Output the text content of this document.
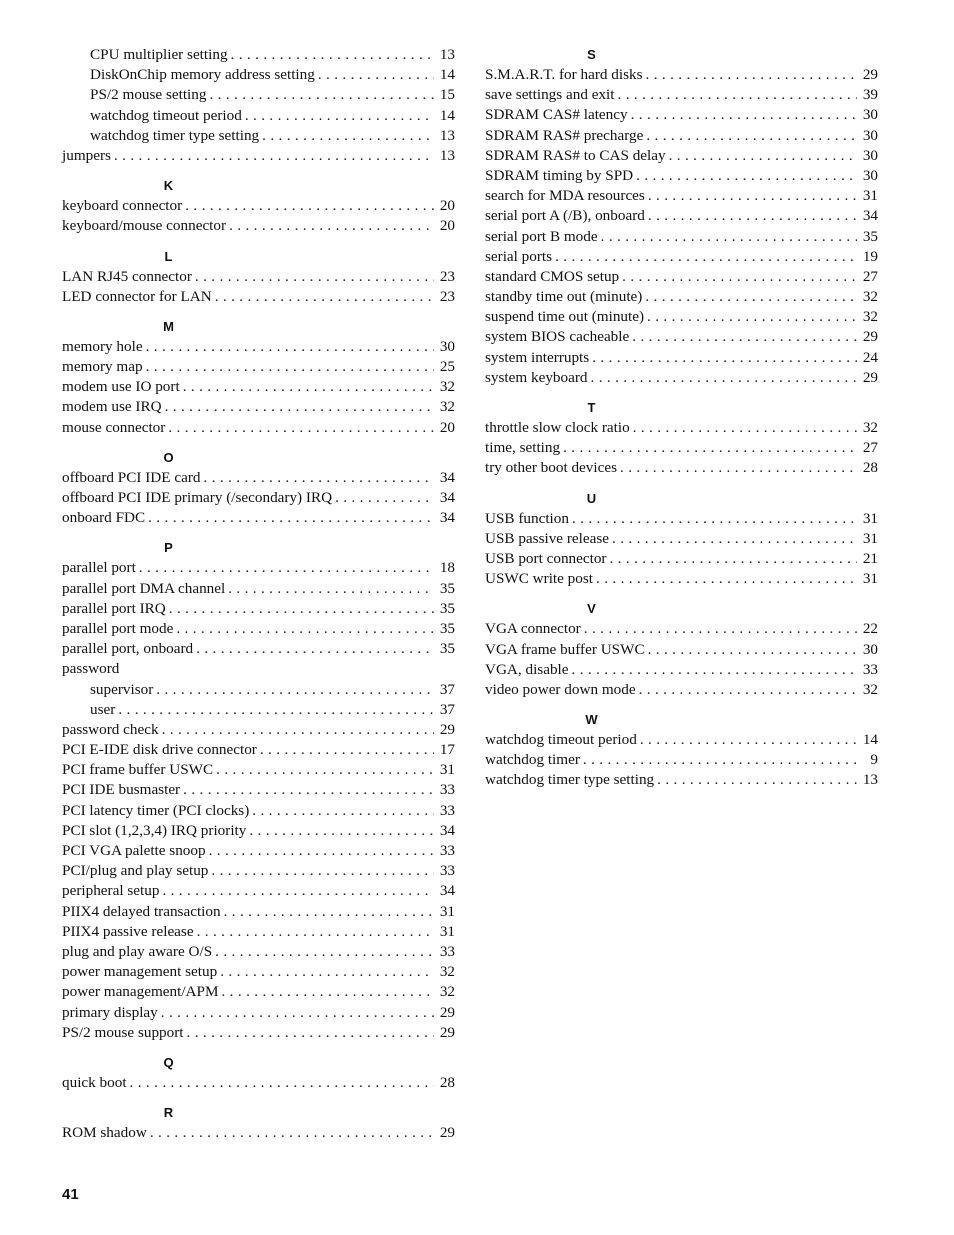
CPU multiplier setting . . .	13
DiskOnChip memory address setting . . .	14
PS/2 mouse setting . . .	15
watchdog timeout period . . .	14
watchdog timer type setting . . .	13
jumpers . . .	13
K
keyboard connector . . .	20
keyboard/mouse connector . . .	20
L
LAN RJ45 connector . . .	23
LED connector for LAN . . .	23
M
memory hole . . .	30
memory map . . .	25
modem use IO port . . .	32
modem use IRQ . . .	32
mouse connector . . .	20
O
offboard PCI IDE card . . .	34
offboard PCI IDE primary (/secondary) IRQ . . .	34
onboard FDC . . .	34
P
parallel port . . .	18
parallel port DMA channel . . .	35
parallel port IRQ . . .	35
parallel port mode . . .	35
parallel port, onboard . . .	35
password
supervisor . . .	37
user . . .	37
password check . . .	29
PCI E-IDE disk drive connector . . .	17
PCI frame buffer USWC . . .	31
PCI IDE busmaster . . .	33
PCI latency timer (PCI clocks) . . .	33
PCI slot (1,2,3,4) IRQ priority . . .	34
PCI VGA palette snoop . . .	33
PCI/plug and play setup . . .	33
peripheral setup . . .	34
PIIX4 delayed transaction . . .	31
PIIX4 passive release . . .	31
plug and play aware O/S . . .	33
power management setup . . .	32
power management/APM . . .	32
primary display . . .	29
PS/2 mouse support . . .	29
Q
quick boot . . .	28
R
ROM shadow . . .	29
S
S.M.A.R.T. for hard disks . . .	29
save settings and exit . . .	39
SDRAM CAS# latency . . .	30
SDRAM RAS# precharge . . .	30
SDRAM RAS# to CAS delay . . .	30
SDRAM timing by SPD . . .	30
search for MDA resources . . .	31
serial port A (/B), onboard . . .	34
serial port B mode . . .	35
serial ports . . .	19
standard CMOS setup . . .	27
standby time out (minute) . . .	32
suspend time out (minute) . . .	32
system BIOS cacheable . . .	29
system interrupts . . .	24
system keyboard . . .	29
T
throttle slow clock ratio . . .	32
time, setting . . .	27
try other boot devices . . .	28
U
USB function . . .	31
USB passive release . . .	31
USB port connector . . .	21
USWC write post . . .	31
V
VGA connector . . .	22
VGA frame buffer USWC . . .	30
VGA, disable . . .	33
video power down mode . . .	32
W
watchdog timeout period . . .	14
watchdog timer . . .	9
watchdog timer type setting . . .	13
41
